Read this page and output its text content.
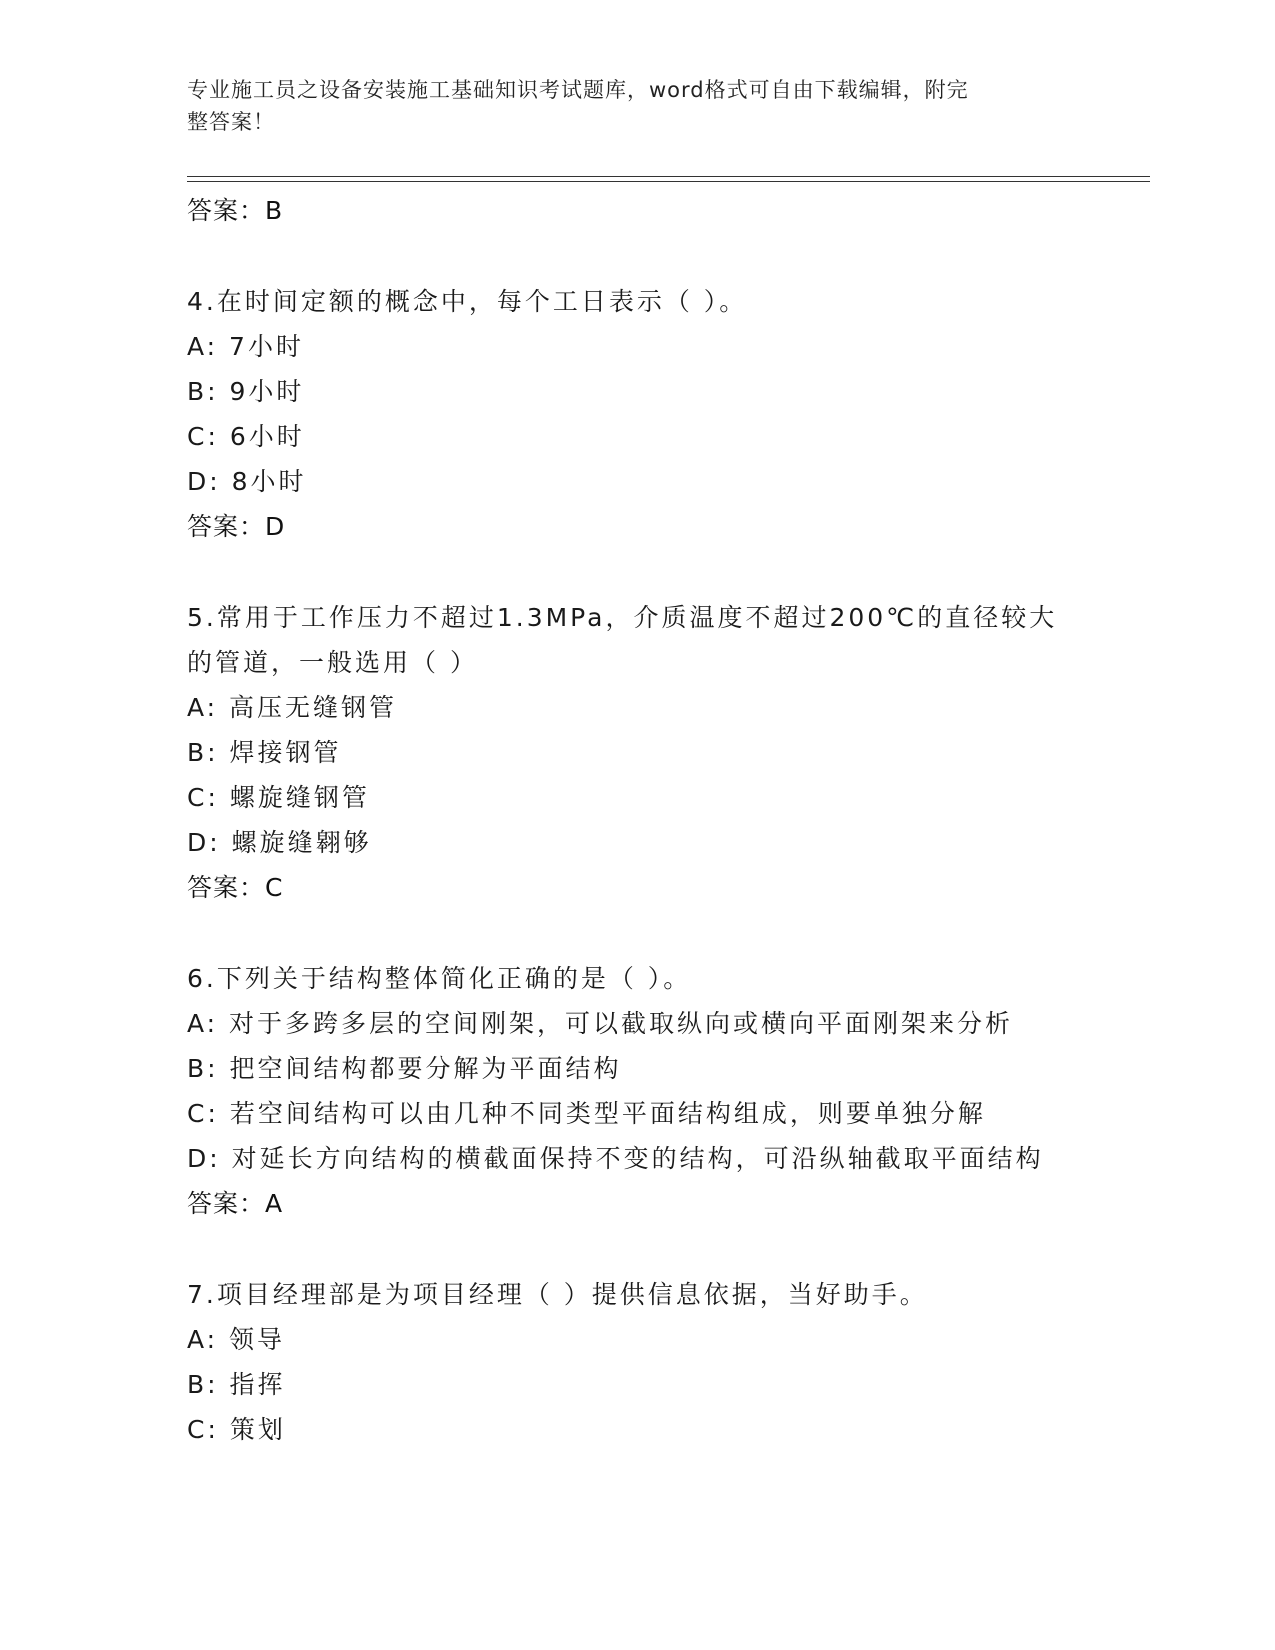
专业施工员之设备安装施工基础知识考试题库，word格式可自由下载编辑，附完
整答案！
答案：B
4.在时间定额的概念中，每个工日表示（ ）。
A: 7小时
B: 9小时
C: 6小时
D: 8小时
答案：D
5.常用于工作压力不超过1.3MPa，介质温度不超过200℃的直径较大
的管道，一般选用（ ）
A: 高压无缝钢管
B: 焊接钢管
C: 螺旋缝钢管
D: 螺旋缝翱够
答案：C
6.下列关于结构整体简化正确的是（ ）。
A: 对于多跨多层的空间刚架，可以截取纵向或横向平面刚架来分析
B: 把空间结构都要分解为平面结构
C: 若空间结构可以由几种不同类型平面结构组成，则要单独分解
D: 对延长方向结构的横截面保持不变的结构，可沿纵轴截取平面结构
答案：A
7.项目经理部是为项目经理（ ）提供信息依据，当好助手。
A: 领导
B: 指挥
C: 策划
